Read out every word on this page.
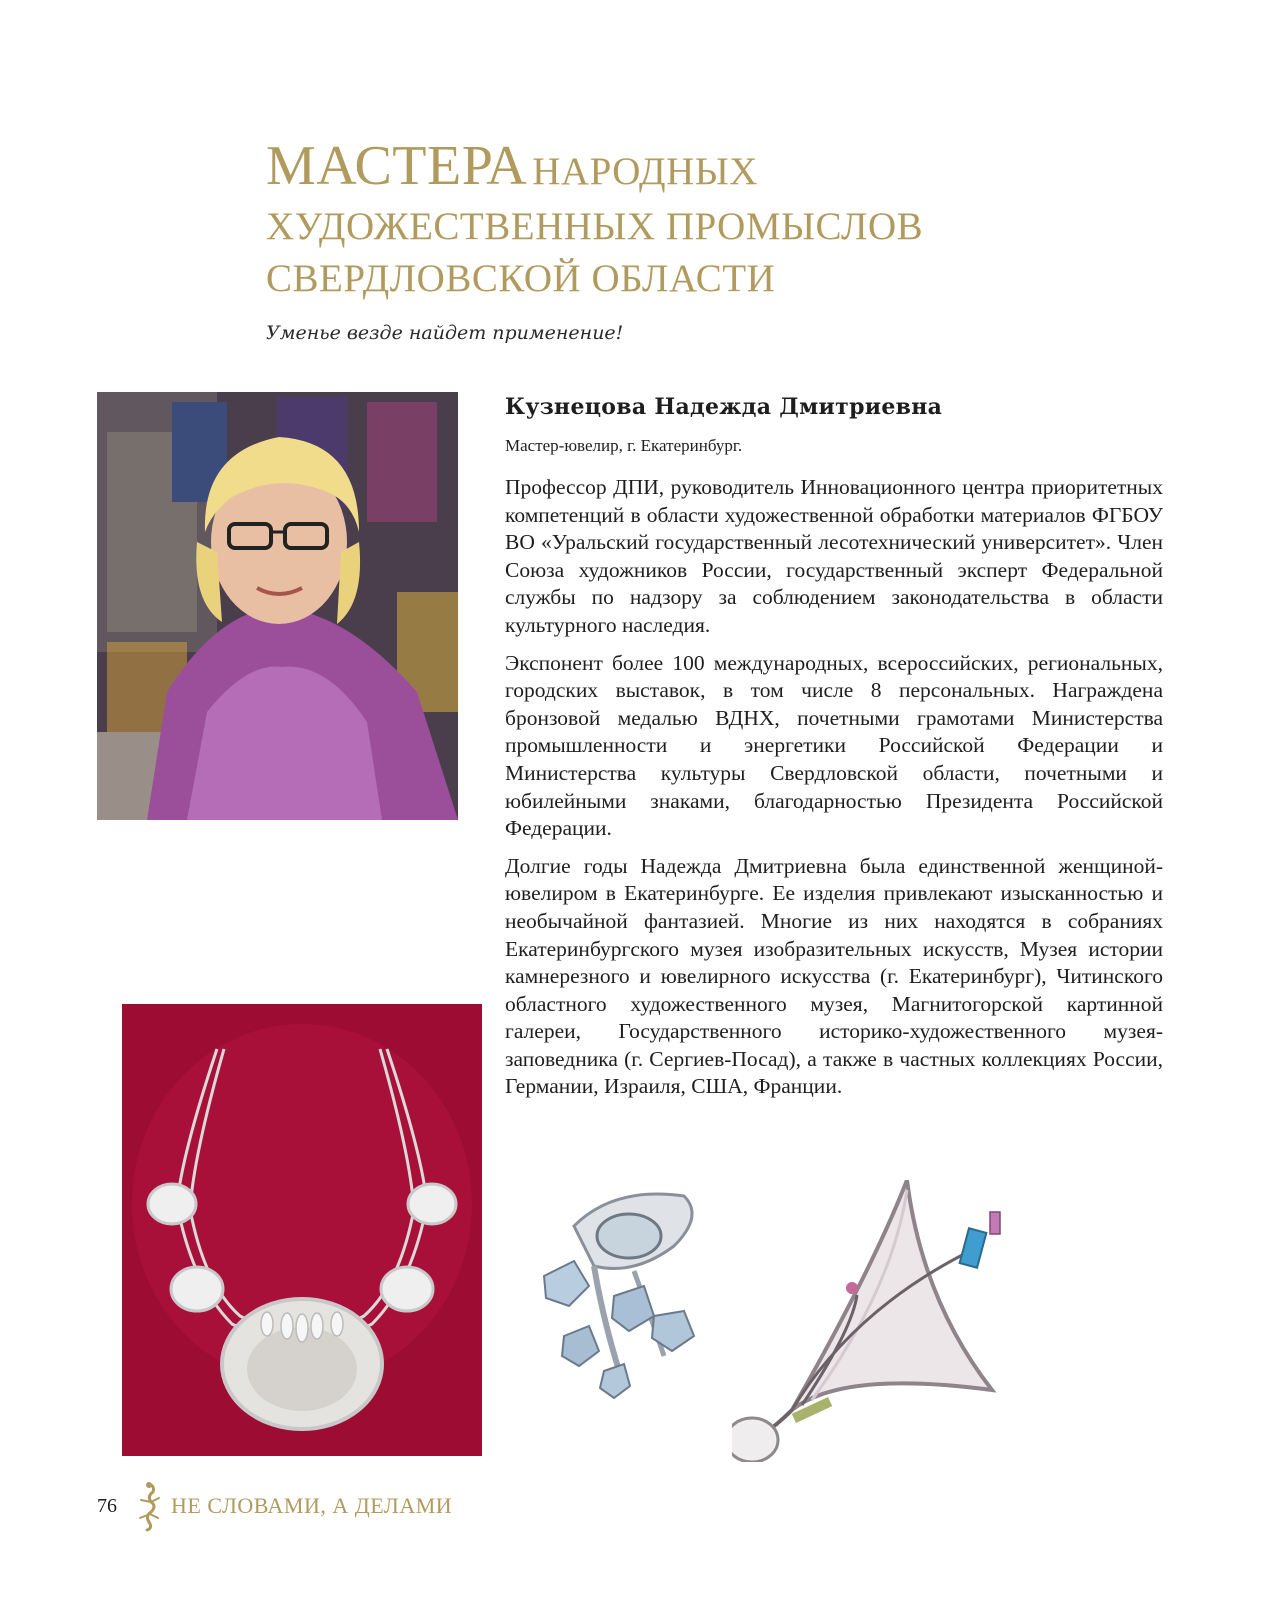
МАСТЕРА НАРОДНЫХ
ХУДОЖЕСТВЕННЫХ ПРОМЫСЛОВ
СВЕРДЛОВСКОЙ ОБЛАСТИ
Уменье везде найдет применение!
Кузнецова Надежда Дмитриевна
Мастер-ювелир, г. Екатеринбург.

Профессор ДПИ, руководитель Инновационного центра приоритетных компетенций в области художественной обработки материалов ФГБОУ ВО «Уральский государственный лесотехнический университет». Член Союза художников России, государственный эксперт Федеральной службы по надзору за соблюдением законодательства в области культурного наследия.

Экспонент более 100 международных, всероссийских, региональных, городских выставок, в том числе 8 персональных. Награждена бронзовой медалью ВДНХ, почетными грамотами Министерства промышленности и энергетики Российской Федерации и Министерства культуры Свердловской области, почетными и юбилейными знаками, благодарностью Президента Российской Федерации.

Долгие годы Надежда Дмитриевна была единственной женщиной-ювелиром в Екатеринбурге. Ее изделия привлекают изысканностью и необычайной фантазией. Многие из них находятся в собраниях Екатеринбургского музея изобразительных искусств, Музея истории камнерезного и ювелирного искусства (г. Екатеринбург), Читинского областного художественного музея, Магнитогорской картинной галереи, Государственного историко-художественного музея-заповедника (г. Сергиев-Посад), а также в частных коллекциях России, Германии, Израиля, США, Франции.

76	НЕ СЛОВАМИ, А ДЕЛАМИ
